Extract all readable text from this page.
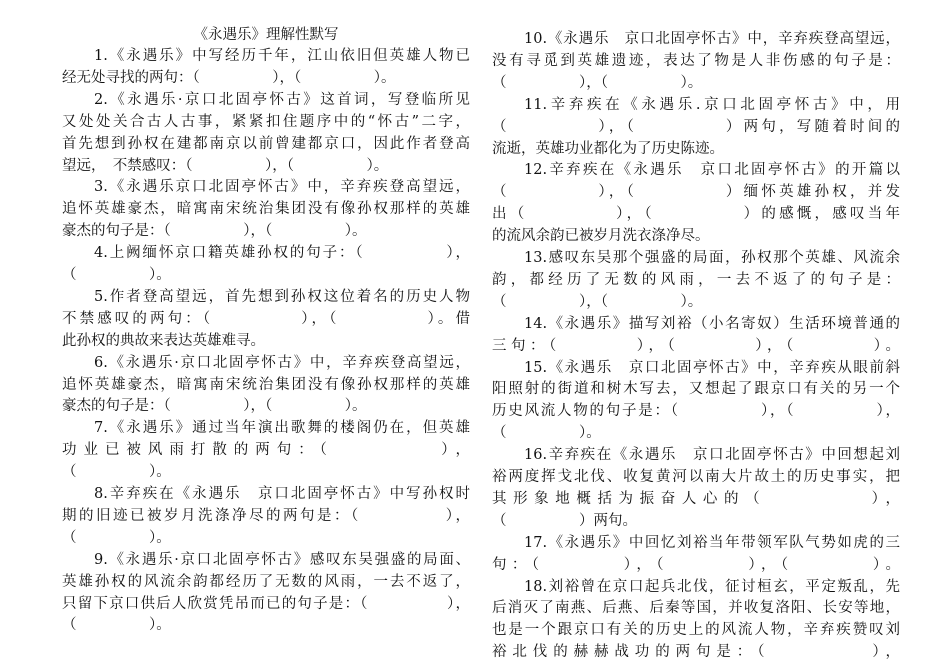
《永遇乐》理解性默写
1.《永遇乐》中写经历千年，江山依旧但英雄人物已
经无处寻找的两句：（　　　　　），（　　　　　）。
2.《永遇乐·京口北固亭怀古》这首词，写登临所见
又处处关合古人古事，紧紧扣住题序中的“怀古”二字，
首先想到孙权在建都南京以前曾建都京口，因此作者登高
望远，　不禁感叹：（　　　　　），（　　　　　）。
3.《永遇乐京口北固亭怀古》中，辛弃疾登高望远，
追怀英雄豪杰，暗寓南宋统治集团没有像孙权那样的英雄
豪杰的句子是：（　　　　　），（　　　　　）。
4.上阙缅怀京口籍英雄孙权的句子：（　　　　　），
（　　　　　）。
5.作者登高望远，首先想到孙权这位着名的历史人物
不禁感叹的两句：（　　　　　），（　　　　　）。借
此孙权的典故来表达英雄难寻。
6.《永遇乐·京口北固亭怀古》中，辛弃疾登高望远，
追怀英雄豪杰，暗寓南宋统治集团没有像孙权那样的英雄
豪杰的句子是：（　　　　　），（　　　　　）。
7.《永遇乐》通过当年演出歌舞的楼阁仍在，但英雄
功业已被风雨打散的两句：（　　　　　），
（　　　　　）。
8.辛弃疾在《永遇乐　京口北固亭怀古》中写孙权时
期的旧迹已被岁月洗涤净尽的两句是：（　　　　　），
（　　　　　）。
9.《永遇乐·京口北固亭怀古》感叹东吴强盛的局面、
英雄孙权的风流余韵都经历了无数的风雨，一去不返了，
只留下京口供后人欣赏凭吊而已的句子是：（　　　　　），
（　　　　　）。
10.《永遇乐　京口北固亭怀古》中，辛弃疾登高望远，
没有寻觅到英雄遗迹，表达了物是人非伤感的句子是：
（　　　　　），（　　　　　）。
11.辛弃疾在《永遇乐.京口北固亭怀古》中，用
（　　　　　），（　　　　　）两句，写随着时间的
流逝，英雄功业都化为了历史陈迹。
12.辛弃疾在《永遇乐　京口北固亭怀古》的开篇以
（　　　　　），（　　　　　）缅怀英雄孙权，并发
出（　　　　　），（　　　　　）的感慨，感叹当年
的流风余韵已被岁月洗衣涤净尽。
13.感叹东吴那个强盛的局面，孙权那个英雄、风流余
韵，都经历了无数的风雨，一去不返了的句子是：
（　　　　　），（　　　　　）。
14.《永遇乐》描写刘裕（小名寄奴）生活环境普通的
三句：（　　　　），（　　　　），（　　　　）。
15.《永遇乐　京口北固亭怀古》中，辛弃疾从眼前斜
阳照射的街道和树木写去，又想起了跟京口有关的另一个
历史风流人物的句子是：（　　　　　），（　　　　　），
（　　　　　）。
16.辛弃疾在《永遇乐　京口北固亭怀古》中回想起刘
裕两度挥戈北伐、收复黄河以南大片故土的历史事实，把
其形象地概括为振奋人心的（　　　　　），
（　　　　　）两句。
17.《永遇乐》中回忆刘裕当年带领军队气势如虎的三
句：（　　　　），（　　　　），（　　　　）。
18.刘裕曾在京口起兵北伐，征讨桓玄，平定叛乱，先
后消灭了南燕、后燕、后秦等国，并收复洛阳、长安等地，
也是一个跟京口有关的历史上的风流人物，辛弃疾赞叹刘
裕北伐的赫赫战功的两句是：（　　　　　），
